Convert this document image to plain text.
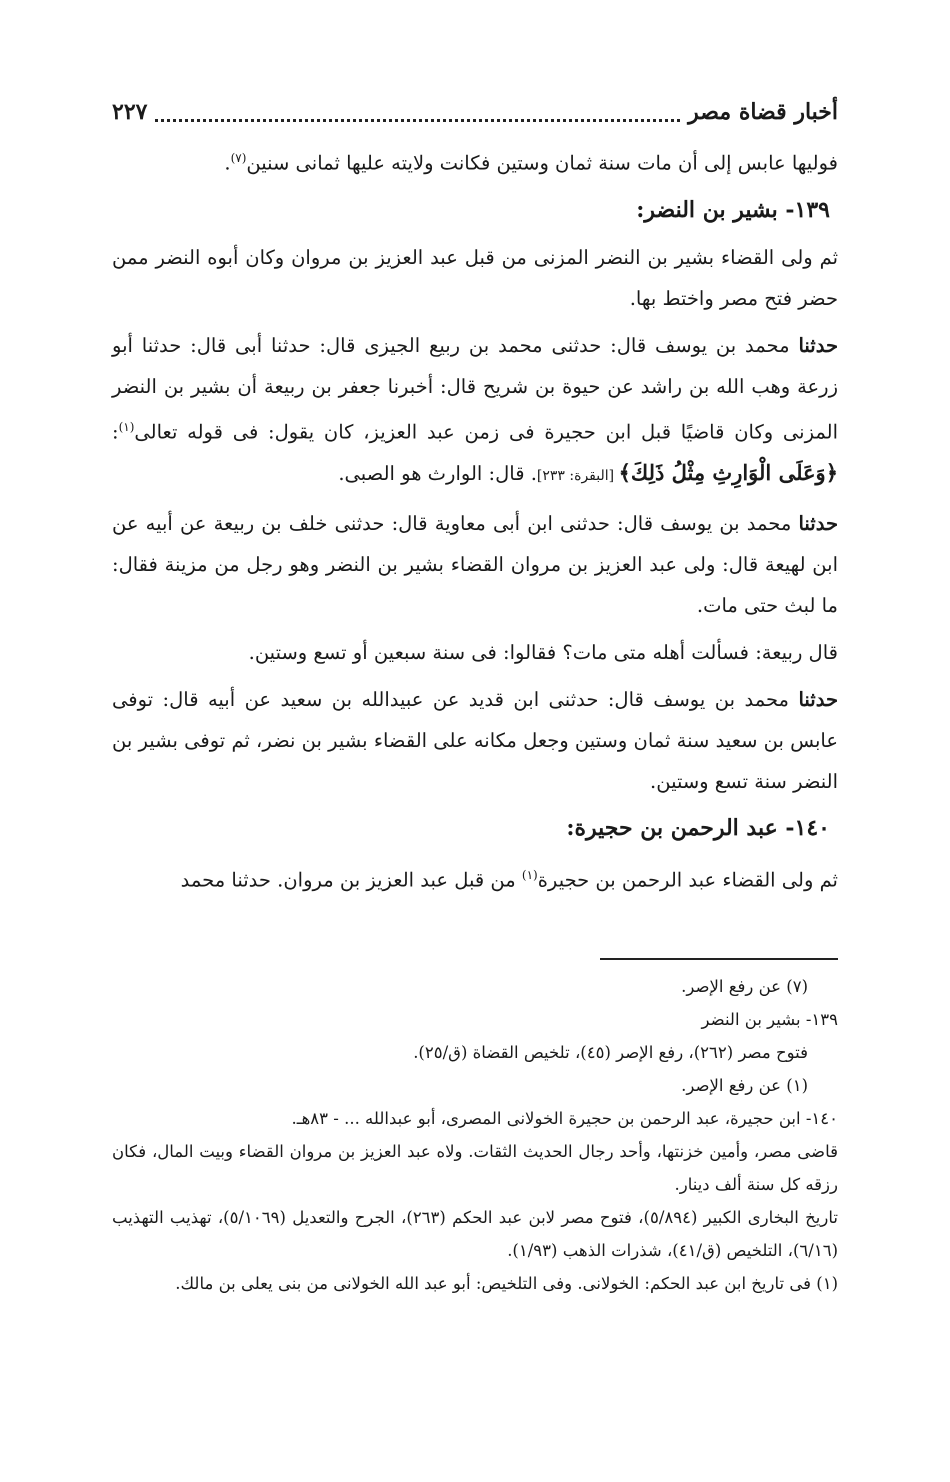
أخبار قضاة مصر
٢٢٧

فوليها عابس إلى أن مات سنة ثمان وستين فكانت ولايته عليها ثمانى سنين$^{(٧)}$.

١٣٩- بشير بن النضر:

ثم ولى القضاء بشير بن النضر المزنى من قبل عبد العزيز بن مروان وكان أبوه النضر ممن حضر فتح مصر واختط بها.

حدثنا محمد بن يوسف قال: حدثنى محمد بن ربيع الجيزى قال: حدثنا أبى قال: حدثنا أبو زرعة وهب الله بن راشد عن حيوة بن شريح قال: أخبرنا جعفر بن ربيعة أن بشير بن النضر المزنى وكان قاضيًا قبل ابن حجيرة فى زمن عبد العزيز، كان يقول: فى قوله تعالى$^{(١)}$: ﴿وَعَلَى الْوَارِثِ مِثْلُ ذَلِكَ﴾ [البقرة: ٢٣٣]. قال: الوارث هو الصبى.

حدثنا محمد بن يوسف قال: حدثنى ابن أبى معاوية قال: حدثنى خلف بن ربيعة عن أبيه عن ابن لهيعة قال: ولى عبد العزيز بن مروان القضاء بشير بن النضر وهو رجل من مزينة فقال: ما لبث حتى مات.

قال ربيعة: فسألت أهله متى مات؟ فقالوا: فى سنة سبعين أو تسع وستين.

حدثنا محمد بن يوسف قال: حدثنى ابن قديد عن عبيدالله بن سعيد عن أبيه قال: توفى عابس بن سعيد سنة ثمان وستين وجعل مكانه على القضاء بشير بن نضر، ثم توفى بشير بن النضر سنة تسع وستين.

١٤٠- عبد الرحمن بن حجيرة:

ثم ولى القضاء عبد الرحمن بن حجيرة$^{(١)}$ من قبل عبد العزيز بن مروان. حدثنا محمد

(٧) عن رفع الإصر.

١٣٩- بشير بن النضر

فتوح مصر (٢٦٢)، رفع الإصر (٤٥)، تلخيص القضاة (ق/٢٥).

(١) عن رفع الإصر.

١٤٠- ابن حجيرة، عبد الرحمن بن حجيرة الخولانى المصرى، أبو عبدالله ... - ٨٣هـ.

قاضى مصر، وأمين خزنتها، وأحد رجال الحديث الثقات. ولاه عبد العزيز بن مروان القضاء وبيت المال، فكان رزقه كل سنة ألف دينار.

تاريخ البخارى الكبير (٥/٨٩٤)، فتوح مصر لابن عبد الحكم (٢٦٣)، الجرح والتعديل (٥/١٠٦٩)، تهذيب التهذيب (٦/١٦)، التلخيص (ق/٤١)، شذرات الذهب (١/٩٣).

(١) فى تاريخ ابن عبد الحكم: الخولانى. وفى التلخيص: أبو عبد الله الخولانى من بنى يعلى بن مالك.
